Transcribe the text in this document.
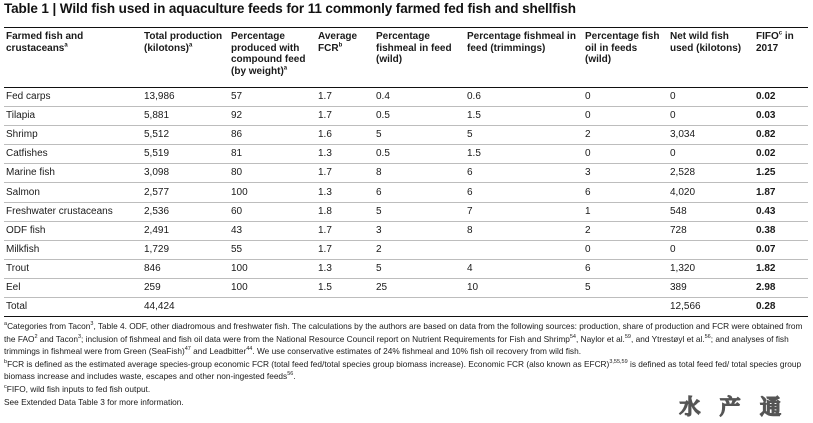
Table 1 | Wild fish used in aquaculture feeds for 11 commonly farmed fed fish and shellfish
Farmed fish and crustaceans$^a$	Total production (kilotons)$^a$	Percentage produced with compound feed (by weight)$^a$	Average FCR$^b$	Percentage fishmeal in feed (wild)	Percentage fishmeal in feed (trimmings)	Percentage fish oil in feeds (wild)	Net wild fish used (kilotons)	FIFO$^c$ in 2017
Fed carps	13,986	57	1.7	0.4	0.6	0	0	0.02
Tilapia	5,881	92	1.7	0.5	1.5	0	0	0.03
Shrimp	5,512	86	1.6	5	5	2	3,034	0.82
Catfishes	5,519	81	1.3	0.5	1.5	0	0	0.02
Marine fish	3,098	80	1.7	8	6	3	2,528	1.25
Salmon	2,577	100	1.3	6	6	6	4,020	1.87
Freshwater crustaceans	2,536	60	1.8	5	7	1	548	0.43
ODF fish	2,491	43	1.7	3	8	2	728	0.38
Milkfish	1,729	55	1.7	2		0	0	0.07
Trout	846	100	1.3	5	4	6	1,320	1.82
Eel	259	100	1.5	25	10	5	389	2.98
Total	44,424						12,566	0.28

$^a$Categories from Tacon$^3$, Table 4. ODF, other diadromous and freshwater fish. The calculations by the authors are based on data from the following sources: production, share of production and FCR were obtained from the FAO$^2$ and Tacon$^3$; inclusion of fishmeal and fish oil data were from the National Resource Council report on Nutrient Requirements for Fish and Shrimp$^{54}$, Naylor et al.$^{59}$, and Ytrestøyl et al.$^{56}$; and analyses of fish trimmings in fishmeal were from Green (SeaFish)$^{47}$ and Leadbitter$^{44}$. We use conservative estimates of 24% fishmeal and 10% fish oil recovery from wild fish.

$^b$FCR is defined as the estimated average species-group economic FCR (total feed fed/total species group biomass increase). Economic FCR (also known as EFCR)$^{3,55,59}$ is defined as total feed fed/ total species group biomass increase and includes waste, escapes and other non-ingested feeds$^{56}$.

$^c$FIFO, wild fish inputs to fed fish output.

See Extended Data Table 3 for more information.	水 产 通
